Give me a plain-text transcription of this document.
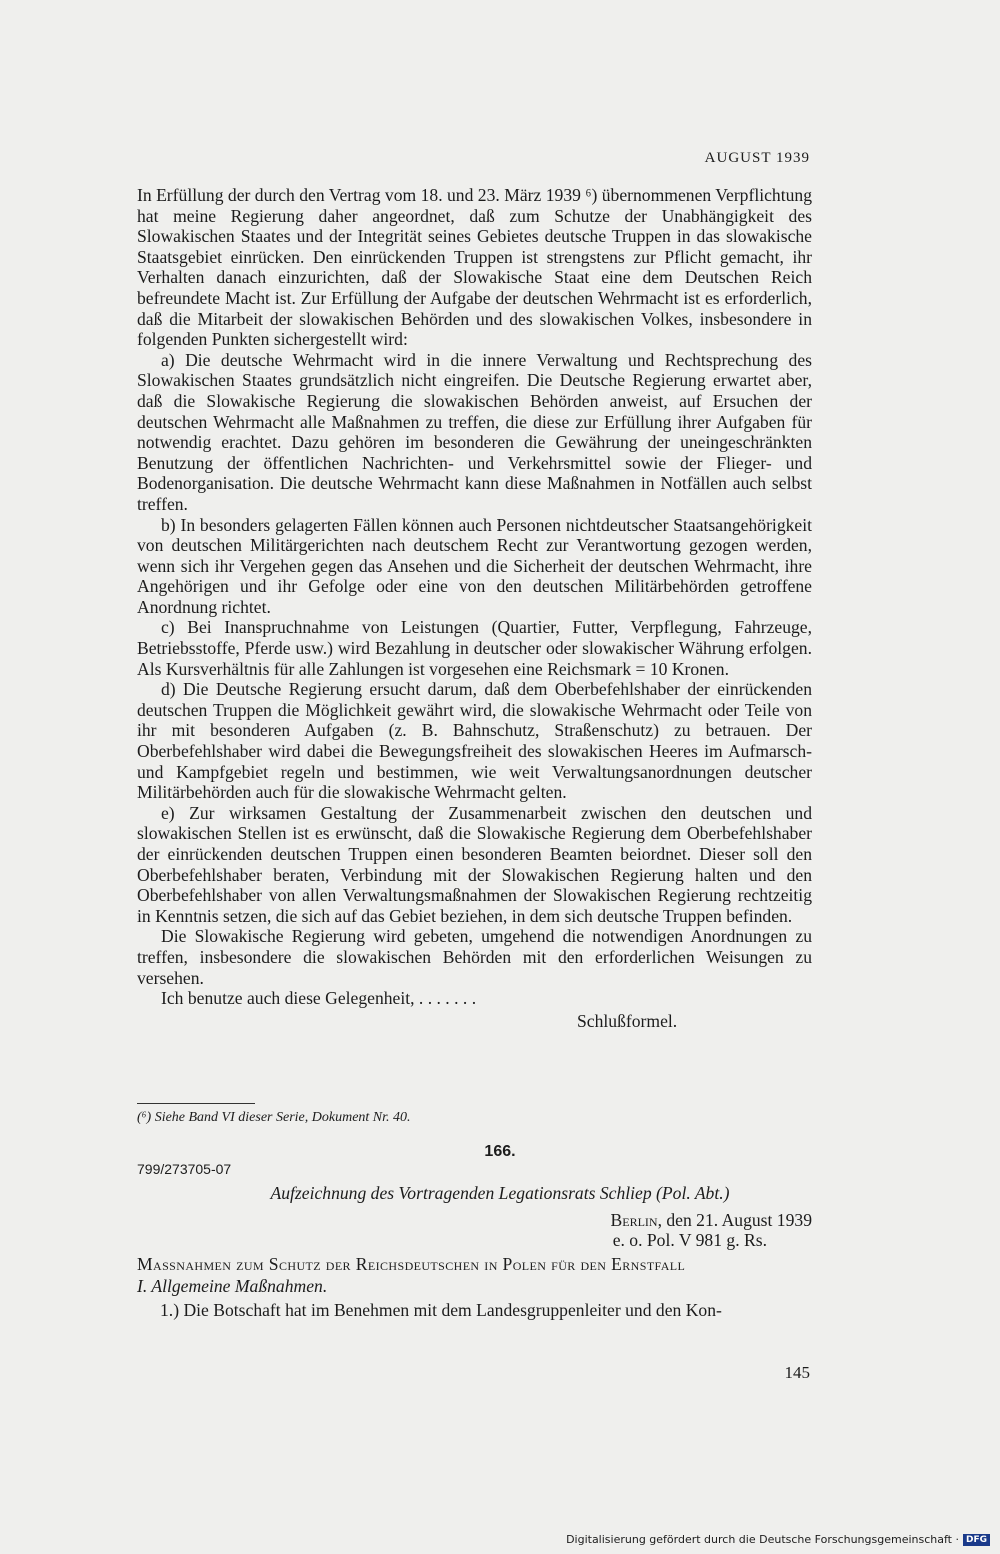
AUGUST 1939

In Erfüllung der durch den Vertrag vom 18. und 23. März 1939 ⁶) übernommenen Verpflichtung hat meine Regierung daher angeordnet, daß zum Schutze der Unabhängigkeit des Slowakischen Staates und der Integrität seines Gebietes deutsche Truppen in das slowakische Staatsgebiet einrücken. Den einrückenden Truppen ist strengstens zur Pflicht gemacht, ihr Verhalten danach einzurichten, daß der Slowakische Staat eine dem Deutschen Reich befreundete Macht ist. Zur Erfüllung der Aufgabe der deutschen Wehrmacht ist es erforderlich, daß die Mitarbeit der slowakischen Behörden und des slowakischen Volkes, insbesondere in folgenden Punkten sichergestellt wird:

a) Die deutsche Wehrmacht wird in die innere Verwaltung und Rechtsprechung des Slowakischen Staates grundsätzlich nicht eingreifen. Die Deutsche Regierung erwartet aber, daß die Slowakische Regierung die slowakischen Behörden anweist, auf Ersuchen der deutschen Wehrmacht alle Maßnahmen zu treffen, die diese zur Erfüllung ihrer Aufgaben für notwendig erachtet. Dazu gehören im besonderen die Gewährung der uneingeschränkten Benutzung der öffentlichen Nachrichten- und Verkehrsmittel sowie der Flieger- und Bodenorganisation. Die deutsche Wehrmacht kann diese Maßnahmen in Notfällen auch selbst treffen.

b) In besonders gelagerten Fällen können auch Personen nichtdeutscher Staatsangehörigkeit von deutschen Militärgerichten nach deutschem Recht zur Verantwortung gezogen werden, wenn sich ihr Vergehen gegen das Ansehen und die Sicherheit der deutschen Wehrmacht, ihre Angehörigen und ihr Gefolge oder eine von den deutschen Militärbehörden getroffene Anordnung richtet.

c) Bei Inanspruchnahme von Leistungen (Quartier, Futter, Verpflegung, Fahrzeuge, Betriebsstoffe, Pferde usw.) wird Bezahlung in deutscher oder slowakischer Währung erfolgen. Als Kursverhältnis für alle Zahlungen ist vorgesehen eine Reichsmark = 10 Kronen.

d) Die Deutsche Regierung ersucht darum, daß dem Oberbefehlshaber der einrückenden deutschen Truppen die Möglichkeit gewährt wird, die slowakische Wehrmacht oder Teile von ihr mit besonderen Aufgaben (z. B. Bahnschutz, Straßenschutz) zu betrauen. Der Oberbefehlshaber wird dabei die Bewegungsfreiheit des slowakischen Heeres im Aufmarsch- und Kampfgebiet regeln und bestimmen, wie weit Verwaltungsanordnungen deutscher Militärbehörden auch für die slowakische Wehrmacht gelten.

e) Zur wirksamen Gestaltung der Zusammenarbeit zwischen den deutschen und slowakischen Stellen ist es erwünscht, daß die Slowakische Regierung dem Oberbefehlshaber der einrückenden deutschen Truppen einen besonderen Beamten beiordnet. Dieser soll den Oberbefehlshaber beraten, Verbindung mit der Slowakischen Regierung halten und den Oberbefehlshaber von allen Verwaltungsmaßnahmen der Slowakischen Regierung rechtzeitig in Kenntnis setzen, die sich auf das Gebiet beziehen, in dem sich deutsche Truppen befinden.

Die Slowakische Regierung wird gebeten, umgehend die notwendigen Anordnungen zu treffen, insbesondere die slowakischen Behörden mit den erforderlichen Weisungen zu versehen.

Ich benutze auch diese Gelegenheit, . . . . . . .

Schlußformel.

(⁶) Siehe Band VI dieser Serie, Dokument Nr. 40.
166.
799/273705-07
Aufzeichnung des Vortragenden Legationsrats Schliep (Pol. Abt.)
Berlin, den 21. August 1939
e. o. Pol. V 981 g. Rs.
Massnahmen zum Schutz der Reichsdeutschen in Polen für den Ernstfall
I. Allgemeine Maßnahmen.
1.) Die Botschaft hat im Benehmen mit dem Landesgruppenleiter und den Kon-
145
Digitalisierung gefördert durch die Deutsche Forschungsgemeinschaft · DFG
